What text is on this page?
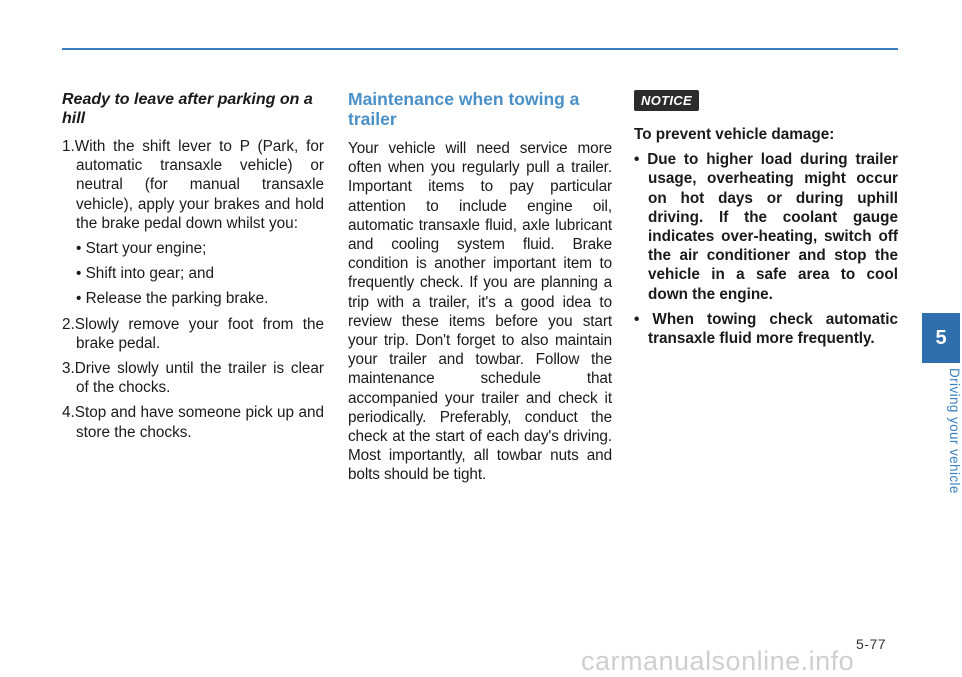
Ready to leave after parking on a hill
1.With the shift lever to P (Park, for automatic transaxle vehicle) or neutral (for manual transaxle vehicle), apply your brakes and hold the brake pedal down whilst you:
• Start your engine;
• Shift into gear; and
• Release the parking brake.
2.Slowly remove your foot from the brake pedal.
3.Drive slowly until the trailer is clear of the chocks.
4.Stop and have someone pick up and store the chocks.
Maintenance when towing a trailer

Your vehicle will need service more often when you regularly pull a trailer. Important items to pay particular attention to include engine oil, automatic transaxle fluid, axle lubricant and cooling system fluid. Brake condition is another important item to frequently check. If you are planning a trip with a trailer, it's a good idea to review these items before you start your trip. Don't forget to also maintain your trailer and towbar. Follow the maintenance schedule that accompanied your trailer and check it periodically. Preferably, conduct the check at the start of each day's driving. Most importantly, all towbar nuts and bolts should be tight.

NOTICE
To prevent vehicle damage:
• Due to higher load during trailer usage, overheating might occur on hot days or during uphill driving. If the coolant gauge indicates over-heating, switch off the air conditioner and stop the vehicle in a safe area to cool down the engine.
• When towing check automatic transaxle fluid more frequently.	5
Driving your vehicle
5-77
carmanualsonline.info
